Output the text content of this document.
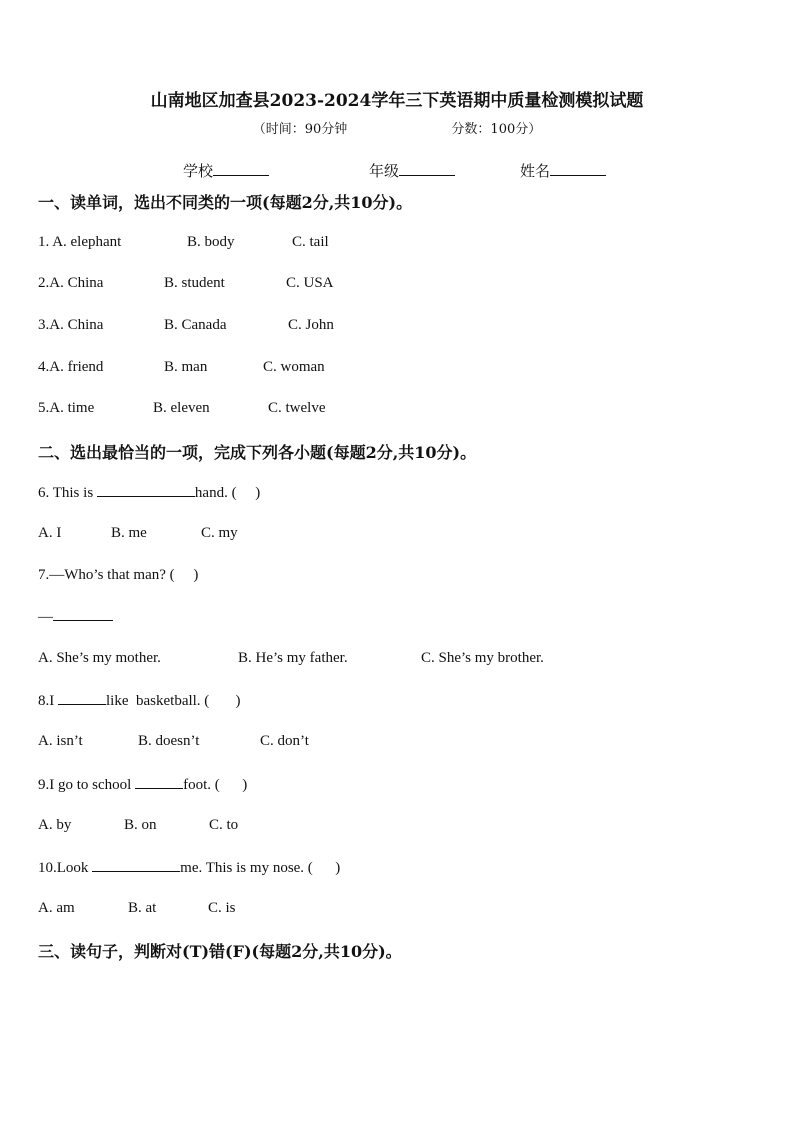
山南地区加查县2023-2024学年三下英语期中质量检测模拟试题
（时间：90分钟	分数：100分）
学校	年级	姓名
一、读单词，选出不同类的一项(每题2分,共10分)。
1. A. elephant	B. body	C. tail
2.A. China	B. student	C. USA
3.A. China	B. Canada	C. John
4.A. friend	B. man	C. woman
5.A. time	B. eleven	C. twelve
二、选出最恰当的一项，完成下列各小题(每题2分,共10分)。
6. This is	hand. (     )
A. I	B. me	C. my
7.—Who’s that man? (     )
—
A. She’s my mother.	B. He’s my father.	C. She’s my brother.
8.I	like  basketball. (       )
A. isn’t	B. doesn’t	C. don’t
9.I go to school	foot. (      )
A. by	B. on	C. to
10.Look	me. This is my nose. (      )
A. am	B. at	C. is
三、读句子，判断对(T)错(F)(每题2分,共10分)。
